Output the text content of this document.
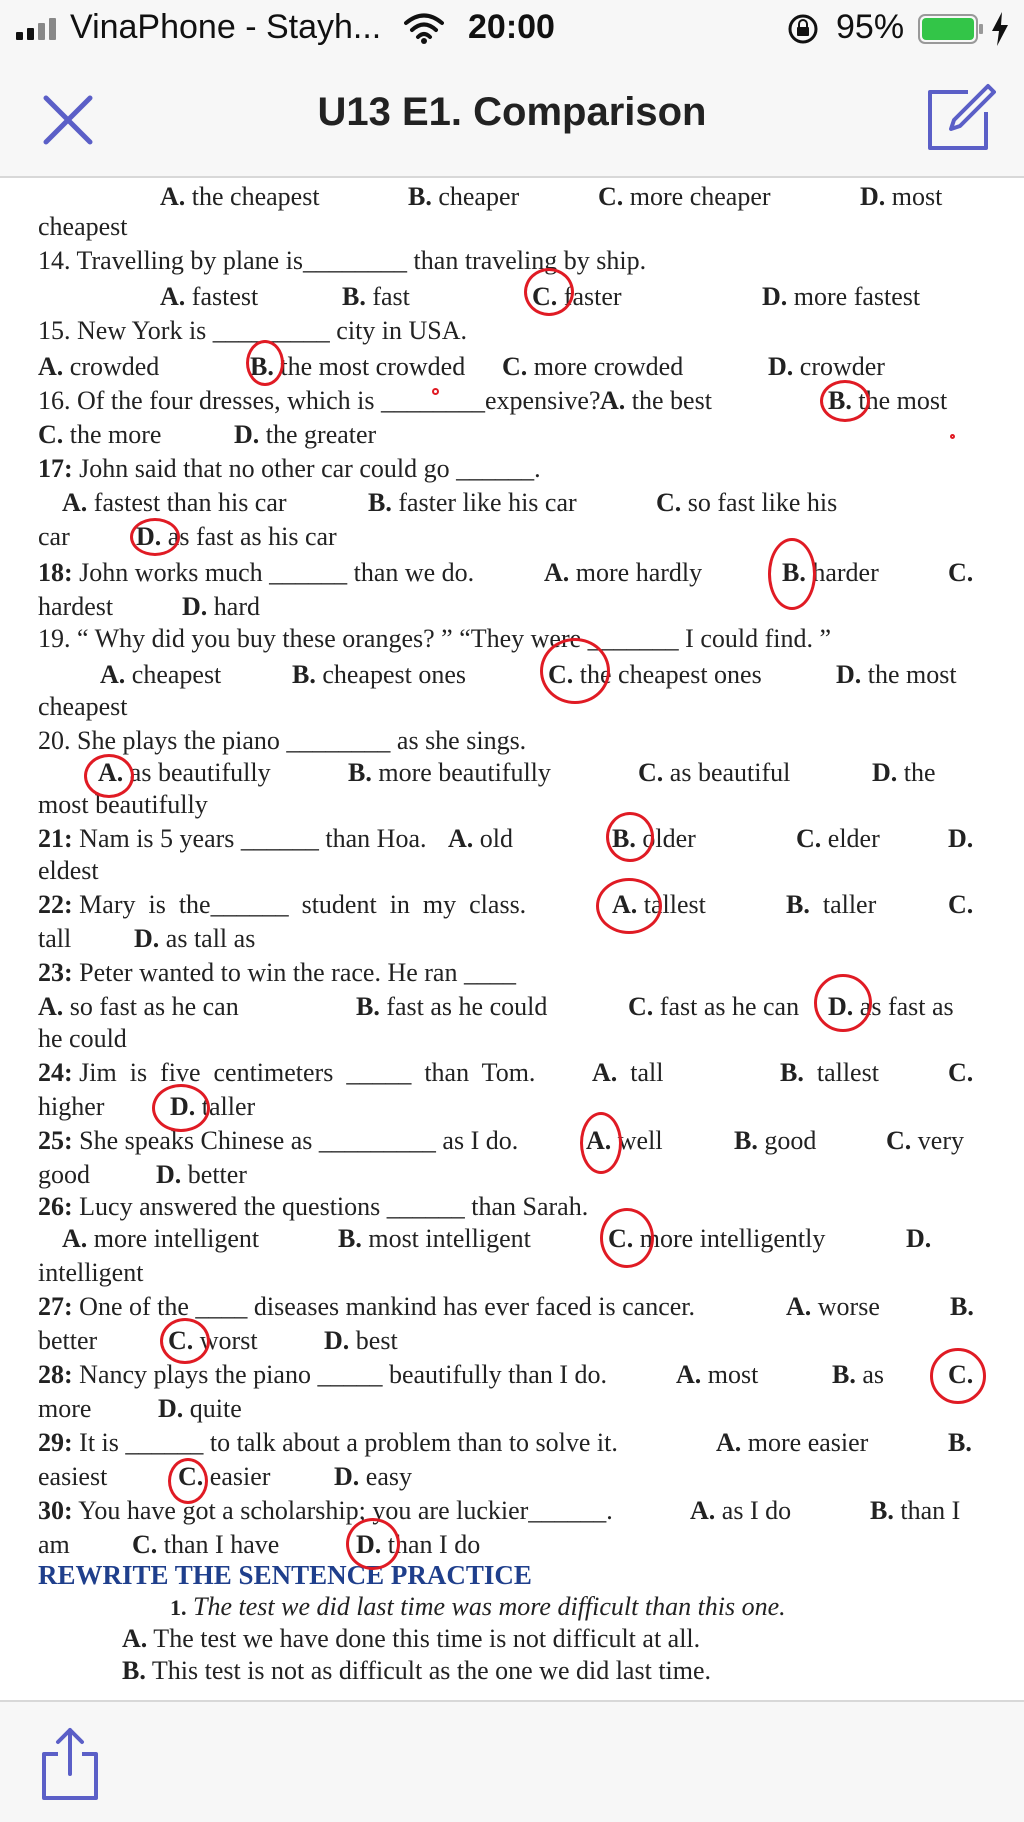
VinaPhone - Stayh...	20:00	95%
U13 E1. Comparison
A. the cheapest	B. cheaper	C. more cheaper	D. most
cheapest
14. Travelling by plane is________ than traveling by ship.
A. fastest	B. fast	C. faster	D. more fastest
15. New York is _________ city in USA.
A. crowded	B. the most crowded C. more crowded	D. crowder
16. Of the four dresses, which is ________expensive? A. the best	B. the most
C. the more	D. the greater
17: John said that no other car could go ______.
A. fastest than his car	B. faster like his car	C. so fast like his
car	D. as fast as his car
18: John works much ______ than we do.	A. more hardly	B. harder	C.
hardest	D. hard
19. “ Why did you buy these oranges? ” “They were _______ I could find. ”
A. cheapest	B. cheapest ones	C. the cheapest ones	D. the most
cheapest
20. She plays the piano ________ as she sings.
A. as beautifully	B. more beautifully	C. as beautiful	D. the
most beautifully
21: Nam is 5 years ______ than Hoa. A. old	B. older	C. elder	D.
eldest
22: Mary  is  the______  student  in  my  class.	A. tallest	B.  taller	C.
tall D. as tall as
23: Peter wanted to win the race. He ran ____
A. so fast as he can	B. fast as he could	C. fast as he can D. as fast as
he could
24: Jim  is  five  centimeters  _____  than  Tom. A.  tall	B.  tallest	C.
higher	D. taller
25: She speaks Chinese as _________ as I do.	A. well	B. good	C. very
good	D. better
26: Lucy answered the questions ______ than Sarah.
A. more intelligent	B. most intelligent	C. more intelligently	D.
intelligent
27: One of the ____ diseases mankind has ever faced is cancer.	A. worse	B.
better	C. worst	D. best
28: Nancy plays the piano _____ beautifully than I do.	A. most	B. as C.
more	D. quite
29: It is ______ to talk about a problem than to solve it.	A. more easier	B.
easiest	C. easier D. easy
30: You have got a scholarship; you are luckier______.	A. as I do	B. than I
am C. than I have	D. than I do
REWRITE THE SENTENCE PRACTICE
1. The test we did last time was more difficult than this one.
A. The test we have done this time is not difficult at all.
B. This test is not as difficult as the one we did last time.
